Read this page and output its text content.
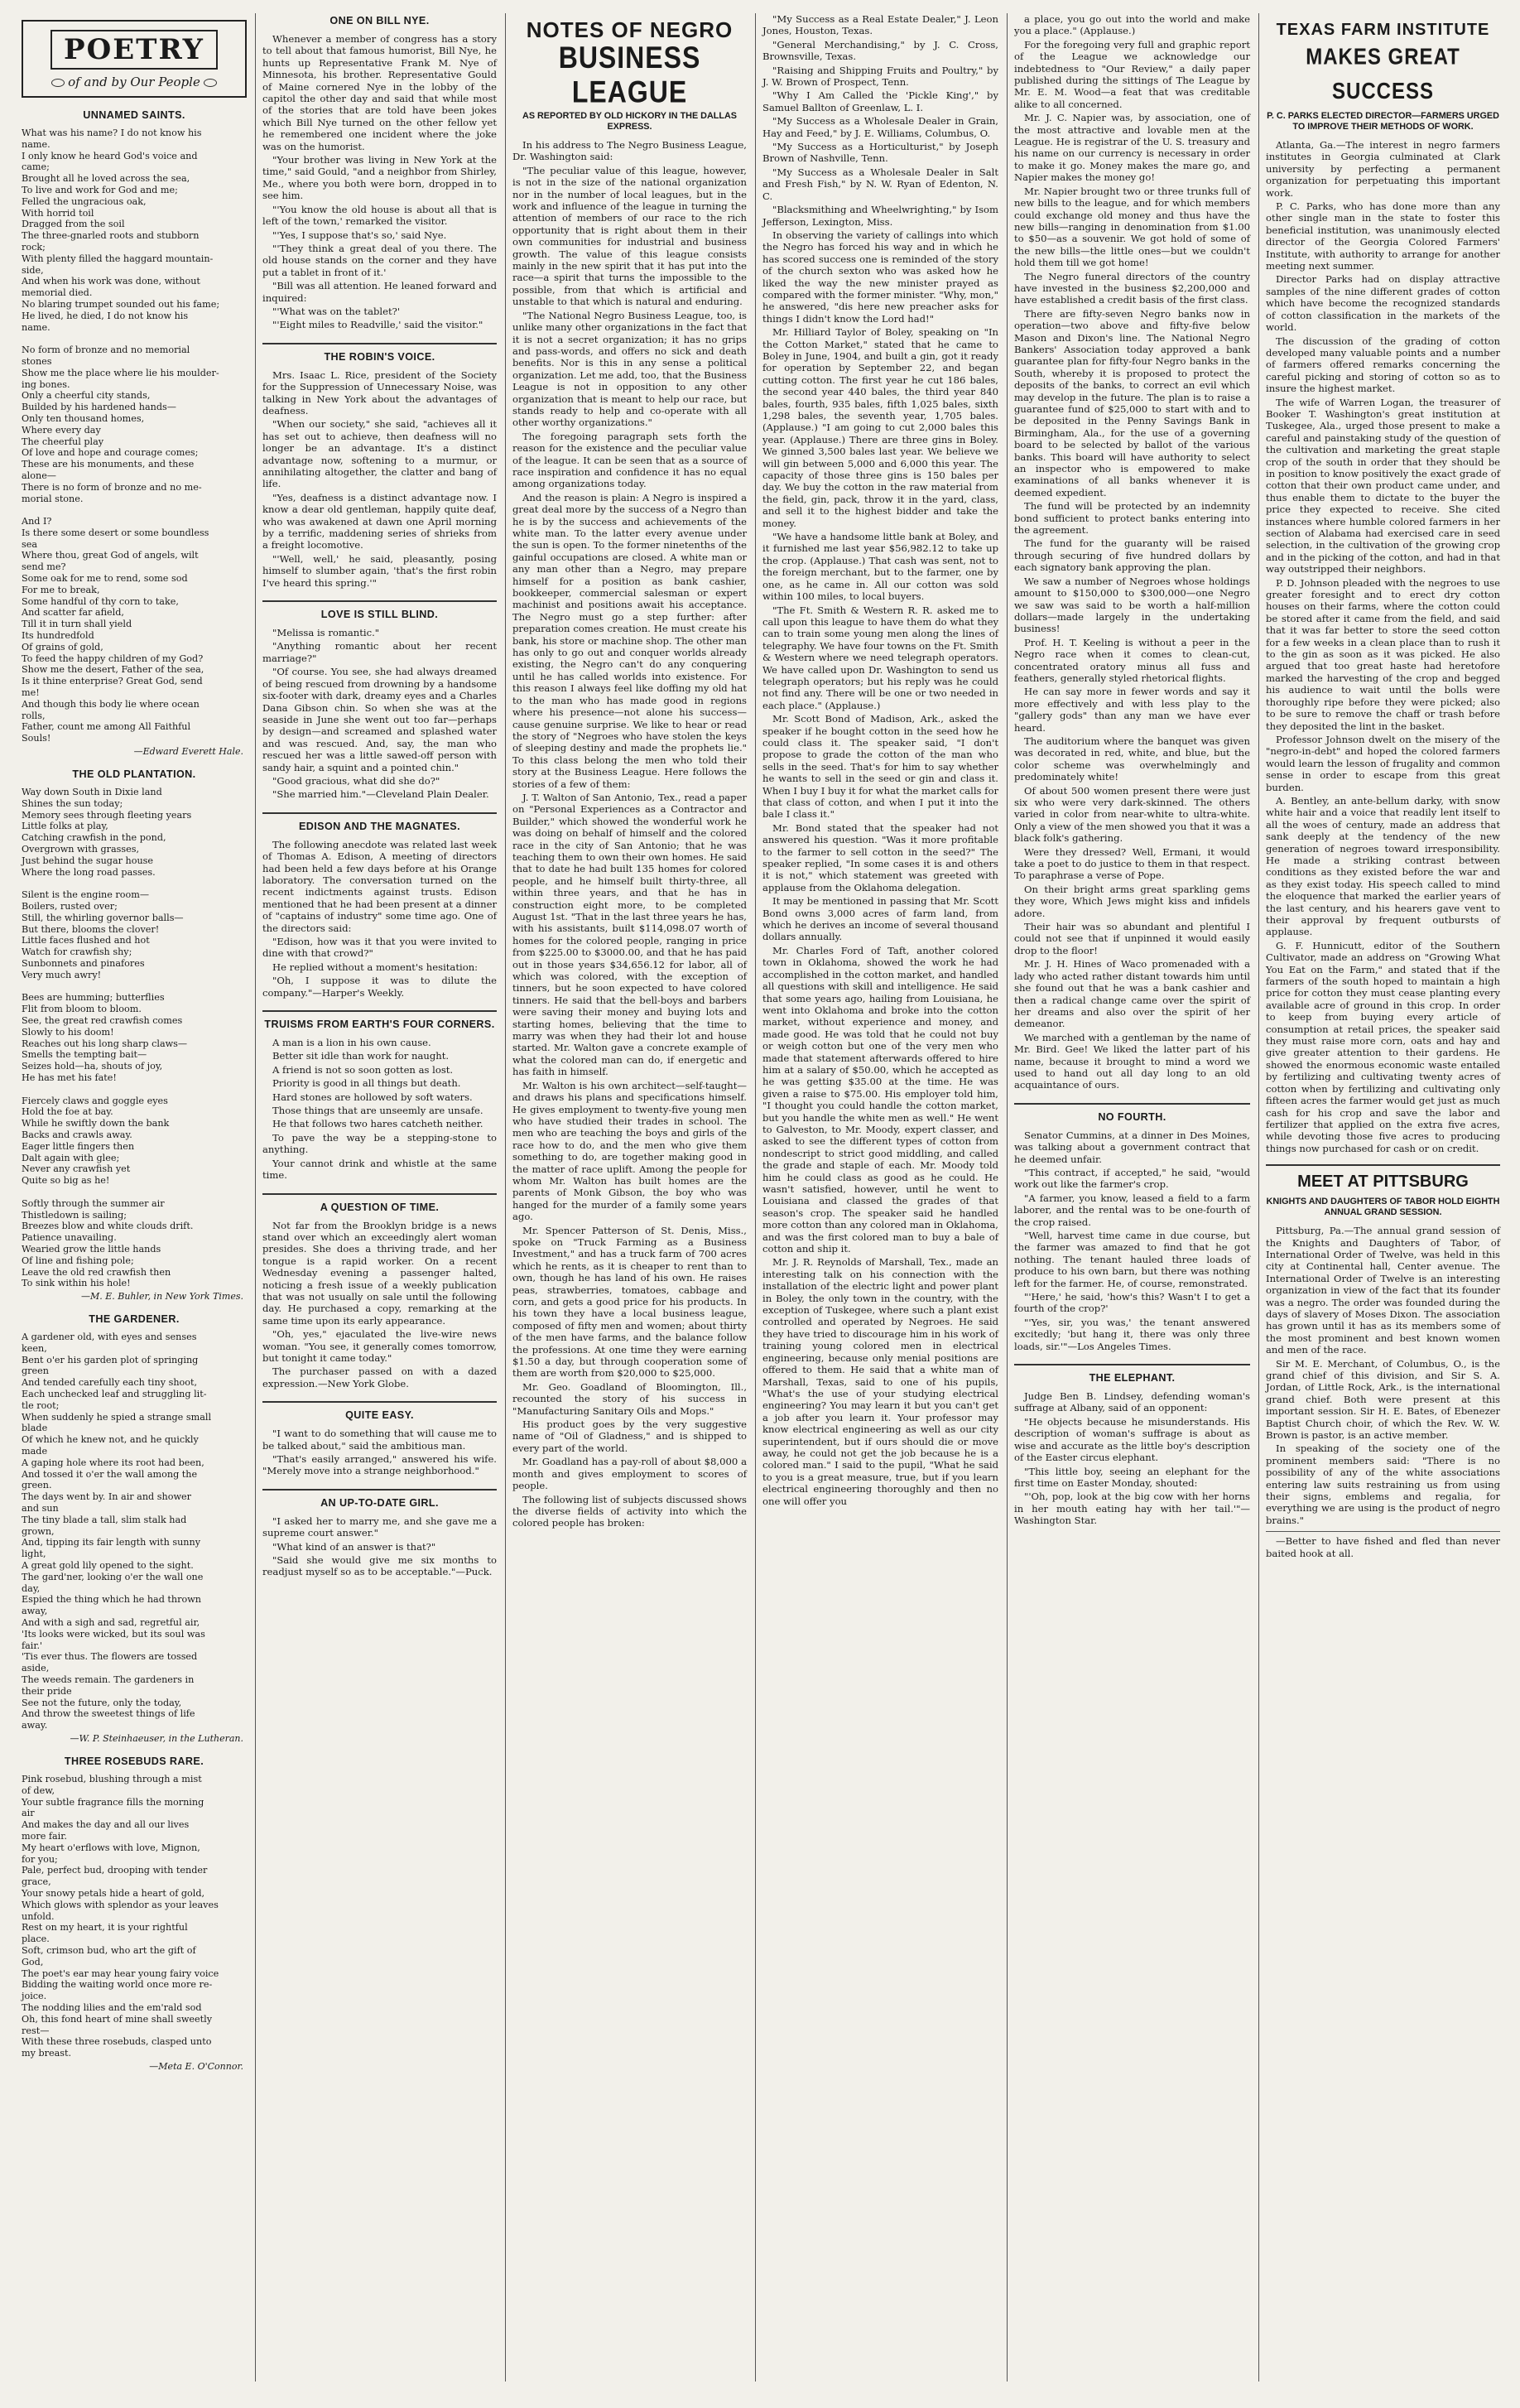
POETRY
of and by Our People
UNNAMED SAINTS.

What was his name? I do not know his
name.
I only know he heard God's voice and
came;
Brought all he loved across the sea,
To live and work for God and me;
Felled the ungracious oak,
With horrid toil
Dragged from the soil
The three-gnarled roots and stubborn
rock;
With plenty filled the haggard mountain-
side,
And when his work was done, without
memorial died.
No blaring trumpet sounded out his fame;
He lived, he died, I do not know his
name.

No form of bronze and no memorial
stones
Show me the place where lie his moulder-
ing bones.
Only a cheerful city stands,
Builded by his hardened hands—
Only ten thousand homes,
Where every day
The cheerful play
Of love and hope and courage comes;
These are his monuments, and these
alone—
There is no form of bronze and no me-
morial stone.

And I?
Is there some desert or some boundless
sea
Where thou, great God of angels, wilt
send me?
Some oak for me to rend, some sod
For me to break,
Some handful of thy corn to take,
And scatter far afield,
Till it in turn shall yield
Its hundredfold
Of grains of gold,
To feed the happy children of my God?
Show me the desert, Father of the sea,
Is it thine enterprise? Great God, send
me!
And though this body lie where ocean
rolls,
Father, count me among All Faithful
Souls!

—Edward Everett Hale.
THE OLD PLANTATION.

Way down South in Dixie land
Shines the sun today;
Memory sees through fleeting years
Little folks at play,
Catching crawfish in the pond,
Overgrown with grasses,
Just behind the sugar house
Where the long road passes.

Silent is the engine room—
Boilers, rusted over;
Still, the whirling governor balls—
But there, blooms the clover!
Little faces flushed and hot
Watch for crawfish shy;
Sunbonnets and pinafores
Very much awry!

Bees are humming; butterflies
Flit from bloom to bloom.
See, the great red crawfish comes
Slowly to his doom!
Reaches out his long sharp claws—
Smells the tempting bait—
Seizes hold—ha, shouts of joy,
He has met his fate!

Fiercely claws and goggle eyes
Hold the foe at bay.
While he swiftly down the bank
Backs and crawls away.
Eager little fingers then
Dalt again with glee;
Never any crawfish yet
Quite so big as he!

Softly through the summer air
Thistledown is sailing;
Breezes blow and white clouds drift.
Patience unavailing.
Wearied grow the little hands
Of line and fishing pole;
Leave the old red crawfish then
To sink within his hole!

—M. E. Buhler, in New York Times.
THE GARDENER.

A gardener old, with eyes and senses
keen,
Bent o'er his garden plot of springing
green
And tended carefully each tiny shoot,
Each unchecked leaf and struggling lit-
tle root;
When suddenly he spied a strange small
blade
Of which he knew not, and he quickly
made
A gaping hole where its root had been,
And tossed it o'er the wall among the
green.
The days went by. In air and shower
and sun
The tiny blade a tall, slim stalk had
grown,
And, tipping its fair length with sunny
light,
A great gold lily opened to the sight.
The gard'ner, looking o'er the wall one
day,
Espied the thing which he had thrown
away,
And with a sigh and sad, regretful air,
'Its looks were wicked, but its soul was
fair.'
'Tis ever thus. The flowers are tossed
aside,
The weeds remain. The gardeners in
their pride
See not the future, only the today,
And throw the sweetest things of life
away.

—W. P. Steinhaeuser, in the Lutheran.
THREE ROSEBUDS RARE.

Pink rosebud, blushing through a mist
of dew,
Your subtle fragrance fills the morning
air
And makes the day and all our lives
more fair.
My heart o'erflows with love, Mignon,
for you;
Pale, perfect bud, drooping with tender
grace,
Your snowy petals hide a heart of gold,
Which glows with splendor as your leaves
unfold.
Rest on my heart, it is your rightful
place.
Soft, crimson bud, who art the gift of
God,
The poet's ear may hear young fairy voice
Bidding the waiting world once more re-
joice.
The nodding lilies and the em'rald sod
Oh, this fond heart of mine shall sweetly
rest—
With these three rosebuds, clasped unto
my breast.

—Meta E. O'Connor.
ONE ON BILL NYE.

Whenever a member of congress has a story to tell about that famous humorist, Bill Nye, he hunts up Representative Frank M. Nye of Minnesota, his brother. Representative Gould of Maine cornered Nye in the lobby of the capitol the other day and said that while most of the stories that are told have been jokes which Bill Nye turned on the other fellow yet he remembered one incident where the joke was on the humorist.

"Your brother was living in New York at the time," said Gould, "and a neighbor from Shirley, Me., where you both were born, dropped in to see him.

"'You know the old house is about all that is left of the town,' remarked the visitor.

"'Yes, I suppose that's so,' said Nye.

"'They think a great deal of you there. The old house stands on the corner and they have put a tablet in front of it.'

"Bill was all attention. He leaned forward and inquired:

"'What was on the tablet?'

"'Eight miles to Readville,' said the visitor."

THE ROBIN'S VOICE.

Mrs. Isaac L. Rice, president of the Society for the Suppression of Unnecessary Noise, was talking in New York about the advantages of deafness.

"When our society," she said, "achieves all it has set out to achieve, then deafness will no longer be an advantage. It's a distinct advantage now, softening to a murmur, or annihilating altogether, the clatter and bang of life.

"Yes, deafness is a distinct advantage now. I know a dear old gentleman, happily quite deaf, who was awakened at dawn one April morning by a terrific, maddening series of shrieks from a freight locomotive.

"'Well, well,' he said, pleasantly, posing himself to slumber again, 'that's the first robin I've heard this spring.'"

LOVE IS STILL BLIND.

"Melissa is romantic."

"Anything romantic about her recent marriage?"

"Of course. You see, she had always dreamed of being rescued from drowning by a handsome six-footer with dark, dreamy eyes and a Charles Dana Gibson chin. So when she was at the seaside in June she went out too far—perhaps by design—and screamed and splashed water and was rescued. And, say, the man who rescued her was a little sawed-off person with sandy hair, a squint and a pointed chin."

"Good gracious, what did she do?"

"She married him."—Cleveland Plain Dealer.

EDISON AND THE MAGNATES.

The following anecdote was related last week of Thomas A. Edison, A meeting of directors had been held a few days before at his Orange laboratory. The conversation turned on the recent indictments against trusts. Edison mentioned that he had been present at a dinner of "captains of industry" some time ago. One of the directors said:

"Edison, how was it that you were invited to dine with that crowd?"

He replied without a moment's hesitation:

"Oh, I suppose it was to dilute the company."—Harper's Weekly.

TRUISMS FROM EARTH'S FOUR CORNERS.

A man is a lion in his own cause.

Better sit idle than work for naught.

A friend is not so soon gotten as lost.

Priority is good in all things but death.

Hard stones are hollowed by soft waters.

Those things that are unseemly are unsafe.

He that follows two hares catcheth neither.

To pave the way be a stepping-stone to anything.

Your cannot drink and whistle at the same time.

A QUESTION OF TIME.

Not far from the Brooklyn bridge is a news stand over which an exceedingly alert woman presides. She does a thriving trade, and her tongue is a rapid worker. On a recent Wednesday evening a passenger halted, noticing a fresh issue of a weekly publication that was not usually on sale until the following day. He purchased a copy, remarking at the same time upon its early appearance.

"Oh, yes," ejaculated the live-wire news woman. "You see, it generally comes tomorrow, but tonight it came today."

The purchaser passed on with a dazed expression.—New York Globe.

QUITE EASY.

"I want to do something that will cause me to be talked about," said the ambitious man.

"That's easily arranged," answered his wife. "Merely move into a strange neighborhood."

AN UP-TO-DATE GIRL.

"I asked her to marry me, and she gave me a supreme court answer."

"What kind of an answer is that?"

"Said she would give me six months to readjust myself so as to be acceptable."—Puck.

NOTES OF NEGRO
BUSINESS LEAGUE
AS REPORTED BY OLD HICKORY IN THE DALLAS EXPRESS.

In his address to The Negro Business League, Dr. Washington said:

"The peculiar value of this league, however, is not in the size of the national organization nor in the number of local leagues, but in the work and influence of the league in turning the attention of members of our race to the rich opportunity that is right about them in their own communities for industrial and business growth. The value of this league consists mainly in the new spirit that it has put into the race—a spirit that turns the impossible to the possible, from that which is artificial and unstable to that which is natural and enduring.

"The National Negro Business League, too, is unlike many other organizations in the fact that it is not a secret organization; it has no grips and pass-words, and offers no sick and death benefits. Nor is this in any sense a political organization. Let me add, too, that the Business League is not in opposition to any other organization that is meant to help our race, but stands ready to help and co-operate with all other worthy organizations."

The foregoing paragraph sets forth the reason for the existence and the peculiar value of the league. It can be seen that as a source of race inspiration and confidence it has no equal among organizations today.

And the reason is plain: A Negro is inspired a great deal more by the success of a Negro than he is by the success and achievements of the white man. To the latter every avenue under the sun is open. To the former ninetenths of the gainful occupations are closed. A white man or any man other than a Negro, may prepare himself for a position as bank cashier, bookkeeper, commercial salesman or expert machinist and positions await his acceptance. The Negro must go a step further: after preparation comes creation. He must create his bank, his store or machine shop. The other man has only to go out and conquer worlds already existing, the Negro can't do any conquering until he has called worlds into existence. For this reason I always feel like doffing my old hat to the man who has made good in regions where his presence—not alone his success—cause genuine surprise. We like to hear or read the story of "Negroes who have stolen the keys of sleeping destiny and made the prophets lie." To this class belong the men who told their story at the Business League. Here follows the stories of a few of them:

J. T. Walton of San Antonio, Tex., read a paper on "Personal Experiences as a Contractor and Builder," which showed the wonderful work he was doing on behalf of himself and the colored race in the city of San Antonio; that he was teaching them to own their own homes. He said that to date he had built 135 homes for colored people, and he himself built thirty-three, all within three years, and that he has in construction eight more, to be completed August 1st. "That in the last three years he has, with his assistants, built $114,098.07 worth of homes for the colored people, ranging in price from $225.00 to $3000.00, and that he has paid out in those years $34,656.12 for labor, all of which was colored, with the exception of tinners, but he soon expected to have colored tinners. He said that the bell-boys and barbers were saving their money and buying lots and starting homes, believing that the time to marry was when they had their lot and house started. Mr. Walton gave a concrete example of what the colored man can do, if energetic and has faith in himself.

Mr. Walton is his own architect—self-taught—and draws his plans and specifications himself. He gives employment to twenty-five young men who have studied their trades in school. The men who are teaching the boys and girls of the race how to do, and the men who give them something to do, are together making good in the matter of race uplift. Among the people for whom Mr. Walton has built homes are the parents of Monk Gibson, the boy who was hanged for the murder of a family some years ago.

Mr. Spencer Patterson of St. Denis, Miss., spoke on "Truck Farming as a Business Investment," and has a truck farm of 700 acres which he rents, as it is cheaper to rent than to own, though he has land of his own. He raises peas, strawberries, tomatoes, cabbage and corn, and gets a good price for his products. In his town they have a local business league, composed of fifty men and women; about thirty of the men have farms, and the balance follow the professions. At one time they were earning $1.50 a day, but through cooperation some of them are worth from $20,000 to $25,000.

Mr. Geo. Goadland of Bloomington, Ill., recounted the story of his success in "Manufacturing Sanitary Oils and Mops."

His product goes by the very suggestive name of "Oil of Gladness," and is shipped to every part of the world.

Mr. Goadland has a pay-roll of about $8,000 a month and gives employment to scores of people.

The following list of subjects discussed shows the diverse fields of activity into which the colored people has broken:

"My Success as a Real Estate Dealer," J. Leon Jones, Houston, Texas.

"General Merchandising," by J. C. Cross, Brownsville, Texas.

"Raising and Shipping Fruits and Poultry," by J. W. Brown of Prospect, Tenn.

"Why I Am Called the 'Pickle King'," by Samuel Ballton of Greenlaw, L. I.

"My Success as a Wholesale Dealer in Grain, Hay and Feed," by J. E. Williams, Columbus, O.

"My Success as a Horticulturist," by Joseph Brown of Nashville, Tenn.

"My Success as a Wholesale Dealer in Salt and Fresh Fish," by N. W. Ryan of Edenton, N. C.

"Blacksmithing and Wheelwrighting," by Isom Jefferson, Lexington, Miss.

In observing the variety of callings into which the Negro has forced his way and in which he has scored success one is reminded of the story of the church sexton who was asked how he liked the way the new minister prayed as compared with the former minister. "Why, mon," he answered, "dis here new preacher asks for things I didn't know the Lord had!"

Mr. Hilliard Taylor of Boley, speaking on "In the Cotton Market," stated that he came to Boley in June, 1904, and built a gin, got it ready for operation by September 22, and began cutting cotton. The first year he cut 186 bales, the second year 440 bales, the third year 840 bales, fourth, 935 bales, fifth 1,025 bales, sixth 1,298 bales, the seventh year, 1,705 bales. (Applause.) "I am going to cut 2,000 bales this year. (Applause.) There are three gins in Boley. We ginned 3,500 bales last year. We believe we will gin between 5,000 and 6,000 this year. The capacity of those three gins is 150 bales per day. We buy the cotton in the raw material from the field, gin, pack, throw it in the yard, class, and sell it to the highest bidder and take the money.

"We have a handsome little bank at Boley, and it furnished me last year $56,982.12 to take up the crop. (Applause.) That cash was sent, not to the foreign merchant, but to the farmer, one by one, as he came in. All our cotton was sold within 100 miles, to local buyers.

"The Ft. Smith & Western R. R. asked me to call upon this league to have them do what they can to train some young men along the lines of telegraphy. We have four towns on the Ft. Smith & Western where we need telegraph operators. We have called upon Dr. Washington to send us telegraph operators; but his reply was he could not find any. There will be one or two needed in each place." (Applause.)

Mr. Scott Bond of Madison, Ark., asked the speaker if he bought cotton in the seed how he could class it. The speaker said, "I don't propose to grade the cotton of the man who sells in the seed. That's for him to say whether he wants to sell in the seed or gin and class it. When I buy I buy it for what the market calls for that class of cotton, and when I put it into the bale I class it."

Mr. Bond stated that the speaker had not answered his question. "Was it more profitable to the farmer to sell cotton in the seed?" The speaker replied, "In some cases it is and others it is not," which statement was greeted with applause from the Oklahoma delegation.

It may be mentioned in passing that Mr. Scott Bond owns 3,000 acres of farm land, from which he derives an income of several thousand dollars annually.

Mr. Charles Ford of Taft, another colored town in Oklahoma, showed the work he had accomplished in the cotton market, and handled all questions with skill and intelligence. He said that some years ago, hailing from Louisiana, he went into Oklahoma and broke into the cotton market, without experience and money, and made good. He was told that he could not buy or weigh cotton but one of the very men who made that statement afterwards offered to hire him at a salary of $50.00, which he accepted as he was getting $35.00 at the time. He was given a raise to $75.00. His employer told him, "I thought you could handle the cotton market, but you handle the white men as well." He went to Galveston, to Mr. Moody, expert classer, and asked to see the different types of cotton from nondescript to strict good middling, and called the grade and staple of each. Mr. Moody told him he could class as good as he could. He wasn't satisfied, however, until he went to Louisiana and classed the grades of that season's crop. The speaker said he handled more cotton than any colored man in Oklahoma, and was the first colored man to buy a bale of cotton and ship it.

Mr. J. R. Reynolds of Marshall, Tex., made an interesting talk on his connection with the installation of the electric light and power plant in Boley, the only town in the country, with the exception of Tuskegee, where such a plant exist controlled and operated by Negroes. He said they have tried to discourage him in his work of training young colored men in electrical engineering, because only menial positions are offered to them. He said that a white man of Marshall, Texas, said to one of his pupils, "What's the use of your studying electrical engineering? You may learn it but you can't get a job after you learn it. Your professor may know electrical engineering as well as our city superintendent, but if ours should die or move away, he could not get the job because he is a colored man." I said to the pupil, "What he said to you is a great measure, true, but if you learn electrical engineering thoroughly and then no one will offer you

a place, you go out into the world and make you a place." (Applause.)

For the foregoing very full and graphic report of the League we acknowledge our indebtedness to "Our Review," a daily paper published during the sittings of The League by Mr. E. M. Wood—a feat that was creditable alike to all concerned.

Mr. J. C. Napier was, by association, one of the most attractive and lovable men at the League. He is registrar of the U. S. treasury and his name on our currency is necessary in order to make it go. Money makes the mare go, and Napier makes the money go!

Mr. Napier brought two or three trunks full of new bills to the league, and for which members could exchange old money and thus have the new bills—ranging in denomination from $1.00 to $50—as a souvenir. We got hold of some of the new bills—the little ones—but we couldn't hold them till we got home!

The Negro funeral directors of the country have invested in the business $2,200,000 and have established a credit basis of the first class.

There are fifty-seven Negro banks now in operation—two above and fifty-five below Mason and Dixon's line. The National Negro Bankers' Association today approved a bank guarantee plan for fifty-four Negro banks in the South, whereby it is proposed to protect the deposits of the banks, to correct an evil which may develop in the future. The plan is to raise a guarantee fund of $25,000 to start with and to be deposited in the Penny Savings Bank in Birmingham, Ala., for the use of a governing board to be selected by ballot of the various banks. This board will have authority to select an inspector who is empowered to make examinations of all banks whenever it is deemed expedient.

The fund will be protected by an indemnity bond sufficient to protect banks entering into the agreement.

The fund for the guaranty will be raised through securing of five hundred dollars by each signatory bank approving the plan.

We saw a number of Negroes whose holdings amount to $150,000 to $300,000—one Negro we saw was said to be worth a half-million dollars—made largely in the undertaking business!

Prof. H. T. Keeling is without a peer in the Negro race when it comes to clean-cut, concentrated oratory minus all fuss and feathers, generally styled rhetorical flights.

He can say more in fewer words and say it more effectively and with less play to the "gallery gods" than any man we have ever heard.

The auditorium where the banquet was given was decorated in red, white, and blue, but the color scheme was overwhelmingly and predominately white!

Of about 500 women present there were just six who were very dark-skinned. The others varied in color from near-white to ultra-white. Only a view of the men showed you that it was a black folk's gathering.

Were they dressed? Well, Ermani, it would take a poet to do justice to them in that respect. To paraphrase a verse of Pope.

On their bright arms great sparkling gems they wore, Which Jews might kiss and infidels adore.

Their hair was so abundant and plentiful I could not see that if unpinned it would easily drop to the floor!

Mr. J. H. Hines of Waco promenaded with a lady who acted rather distant towards him until she found out that he was a bank cashier and then a radical change came over the spirit of her dreams and also over the spirit of her demeanor.

We marched with a gentleman by the name of Mr. Bird. Gee! We liked the latter part of his name, because it brought to mind a word we used to hand out all day long to an old acquaintance of ours.

NO FOURTH.

Senator Cummins, at a dinner in Des Moines, was talking about a government contract that he deemed unfair.

"This contract, if accepted," he said, "would work out like the farmer's crop.

"A farmer, you know, leased a field to a farm laborer, and the rental was to be one-fourth of the crop raised.

"Well, harvest time came in due course, but the farmer was amazed to find that he got nothing. The tenant hauled three loads of produce to his own barn, but there was nothing left for the farmer. He, of course, remonstrated.

"'Here,' he said, 'how's this? Wasn't I to get a fourth of the crop?'

"'Yes, sir, you was,' the tenant answered excitedly; 'but hang it, there was only three loads, sir.'"—Los Angeles Times.

THE ELEPHANT.

Judge Ben B. Lindsey, defending woman's suffrage at Albany, said of an opponent:

"He objects because he misunderstands. His description of woman's suffrage is about as wise and accurate as the little boy's description of the Easter circus elephant.

"This little boy, seeing an elephant for the first time on Easter Monday, shouted:

"'Oh, pop, look at the big cow with her horns in her mouth eating hay with her tail.'"—Washington Star.

TEXAS FARM INSTITUTE
MAKES GREAT SUCCESS
P. C. PARKS ELECTED DIRECTOR—FARMERS URGED TO IMPROVE THEIR METHODS OF WORK.

Atlanta, Ga.—The interest in negro farmers institutes in Georgia culminated at Clark university by perfecting a permanent organization for perpetuating this important work.

P. C. Parks, who has done more than any other single man in the state to foster this beneficial institution, was unanimously elected director of the Georgia Colored Farmers' Institute, with authority to arrange for another meeting next summer.

Director Parks had on display attractive samples of the nine different grades of cotton which have become the recognized standards of cotton classification in the markets of the world.

The discussion of the grading of cotton developed many valuable points and a number of farmers offered remarks concerning the careful picking and storing of cotton so as to insure the highest market.

The wife of Warren Logan, the treasurer of Booker T. Washington's great institution at Tuskegee, Ala., urged those present to make a careful and painstaking study of the question of the cultivation and marketing the great staple crop of the south in order that they should be in position to know positively the exact grade of cotton that their own product came under, and thus enable them to dictate to the buyer the price they expected to receive. She cited instances where humble colored farmers in her section of Alabama had exercised care in seed selection, in the cultivation of the growing crop and in the picking of the cotton, and had in that way outstripped their neighbors.

P. D. Johnson pleaded with the negroes to use greater foresight and to erect dry cotton houses on their farms, where the cotton could be stored after it came from the field, and said that it was far better to store the seed cotton for a few weeks in a clean place than to rush it to the gin as soon as it was picked. He also argued that too great haste had heretofore marked the harvesting of the crop and begged his audience to wait until the bolls were thoroughly ripe before they were picked; also to be sure to remove the chaff or trash before they deposited the lint in the basket.

Professor Johnson dwelt on the misery of the "negro-in-debt" and hoped the colored farmers would learn the lesson of frugality and common sense in order to escape from this great burden.

A. Bentley, an ante-bellum darky, with snow white hair and a voice that readily lent itself to all the woes of century, made an address that sank deeply at the tendency of the new generation of negroes toward irresponsibility. He made a striking contrast between conditions as they existed before the war and as they exist today. His speech called to mind the eloquence that marked the earlier years of the last century, and his hearers gave vent to their approval by frequent outbursts of applause.

G. F. Hunnicutt, editor of the Southern Cultivator, made an address on "Growing What You Eat on the Farm," and stated that if the farmers of the south hoped to maintain a high price for cotton they must cease planting every available acre of ground in this crop. In order to keep from buying every article of consumption at retail prices, the speaker said they must raise more corn, oats and hay and give greater attention to their gardens. He showed the enormous economic waste entailed by fertilizing and cultivating twenty acres of cotton when by fertilizing and cultivating only fifteen acres the farmer would get just as much cash for his crop and save the labor and fertilizer that applied on the extra five acres, while devoting those five acres to producing things now purchased for cash or on credit.

MEET AT PITTSBURG
KNIGHTS AND DAUGHTERS OF TABOR HOLD EIGHTH ANNUAL GRAND SESSION.

Pittsburg, Pa.—The annual grand session of the Knights and Daughters of Tabor, of International Order of Twelve, was held in this city at Continental hall, Center avenue. The International Order of Twelve is an interesting organization in view of the fact that its founder was a negro. The order was founded during the days of slavery of Moses Dixon. The association has grown until it has as its members some of the most prominent and best known women and men of the race.

Sir M. E. Merchant, of Columbus, O., is the grand chief of this division, and Sir S. A. Jordan, of Little Rock, Ark., is the international grand chief. Both were present at this important session. Sir H. E. Bates, of Ebenezer Baptist Church choir, of which the Rev. W. W. Brown is pastor, is an active member.

In speaking of the society one of the prominent members said: "There is no possibility of any of the white associations entering law suits restraining us from using their signs, emblems and regalia, for everything we are using is the product of negro brains."

—Better to have fished and fled than never baited hook at all.
